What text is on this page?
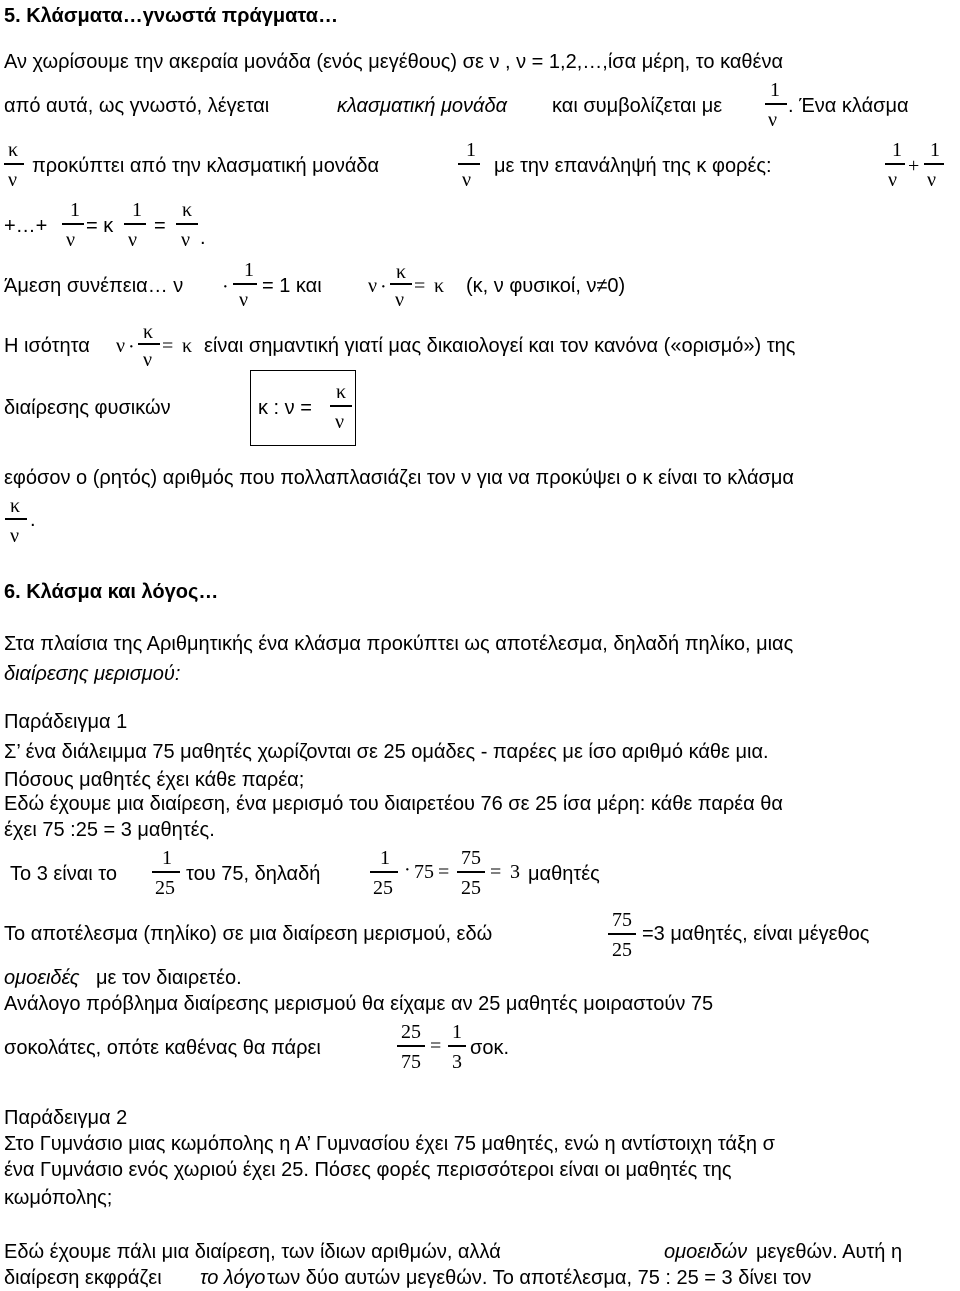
5. Κλάσματα…γνωστά πράγματα…
Αν χωρίσουμε την ακεραία μονάδα (ενός μεγέθους) σε ν , ν = 1,2,…,ίσα μέρη, το καθένα
από αυτά, ως γνωστό, λέγεται	κλασματική μονάδα και συμβολίζεται με
1
ν
. Ένα κλάσμα
κ
ν
προκύπτει από την κλασματική μονάδα
1
ν
με την επανάληψή της κ φορές:
1
ν
+
1
ν
+…+
1
ν
= κ
1
ν
=
κ
ν .
Άμεση συνέπεια… ν ·
1
ν
= 1 και ν ·
κ
ν
= κ (κ, ν φυσικοί, ν≠0)
Η ισότητα ν ·
κ
ν
= κ είναι σημαντική γιατί μας δικαιολογεί και τον κανόνα («ορισμό») της
διαίρεσης φυσικών	κ : ν =
κ
ν
εφόσον ο (ρητός) αριθμός που πολλαπλασιάζει τον ν για να προκύψει ο κ είναι το κλάσμα
κ
ν
.
6. Κλάσμα και λόγος…
Στα πλαίσια της Αριθμητικής ένα κλάσμα προκύπτει ως αποτέλεσμα, δηλαδή πηλίκο, μιας
διαίρεσης μερισμού:
Παράδειγμα 1
Σ’ ένα διάλειμμα 75 μαθητές χωρίζονται σε 25 ομάδες - παρέες με ίσο αριθμό κάθε μια.
Πόσους μαθητές έχει κάθε παρέα;
Εδώ έχουμε μια διαίρεση, ένα μερισμό του διαιρετέου 76 σε 25 ίσα μέρη: κάθε παρέα θα
έχει 75 :25 = 3 μαθητές.
Το 3 είναι το
1
25
του 75, δηλαδή
1
25
· 75 =
75
25
= 3 μαθητές
Το αποτέλεσμα (πηλίκο) σε μια διαίρεση μερισμού, εδώ
75
25
=3 μαθητές, είναι μέγεθος
ομοειδές με τον διαιρετέο.
Ανάλογο πρόβλημα διαίρεσης μερισμού θα είχαμε αν 25 μαθητές μοιραστούν 75
σοκολάτες, οπότε καθένας θα πάρει
25
75
=
1
3
σοκ.
Παράδειγμα 2
Στο Γυμνάσιο μιας κωμόπολης η Α’ Γυμνασίου έχει 75 μαθητές, ενώ η αντίστοιχη τάξη σ
ένα Γυμνάσιο ενός χωριού έχει 25. Πόσες φορές περισσότεροι είναι οι μαθητές της
κωμόπολης;
Εδώ έχουμε πάλι μια διαίρεση, των ίδιων αριθμών, αλλά	ομοειδών μεγεθών. Αυτή η
διαίρεση εκφράζει το λόγο των δύο αυτών μεγεθών. Το αποτέλεσμα, 75 : 25 = 3 δίνει τον
